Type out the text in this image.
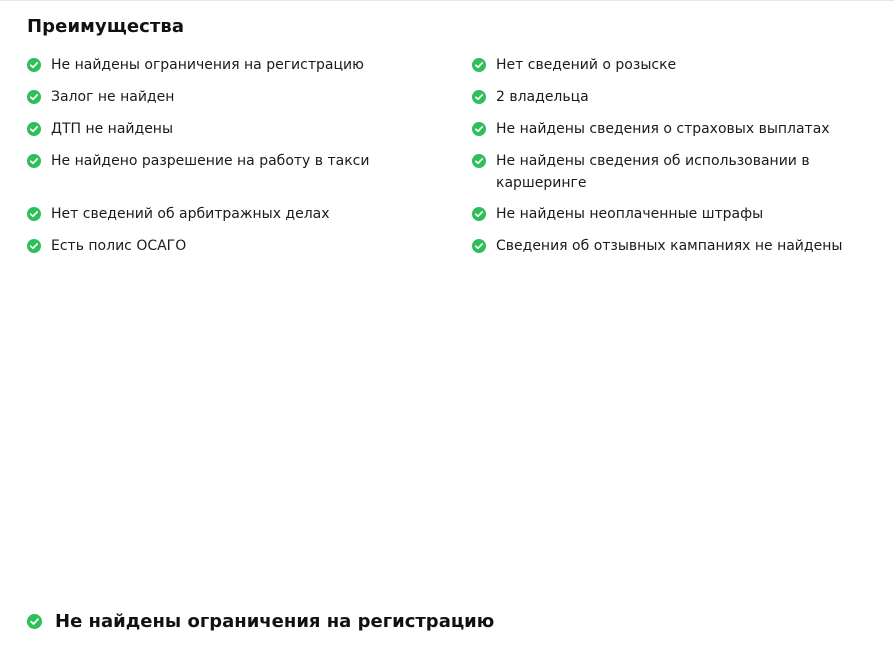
Преимущества
Не найдены ограничения на регистрацию
Залог не найден
ДТП не найдены
Не найдено разрешение на работу в такси
Нет сведений об арбитражных делах
Есть полис ОСАГО
Нет сведений о розыске
2 владельца
Не найдены сведения о страховых выплатах
Не найдены сведения об использовании в каршеринге
Не найдены неоплаченные штрафы
Сведения об отзывных кампаниях не найдены
Не найдены ограничения на регистрацию
